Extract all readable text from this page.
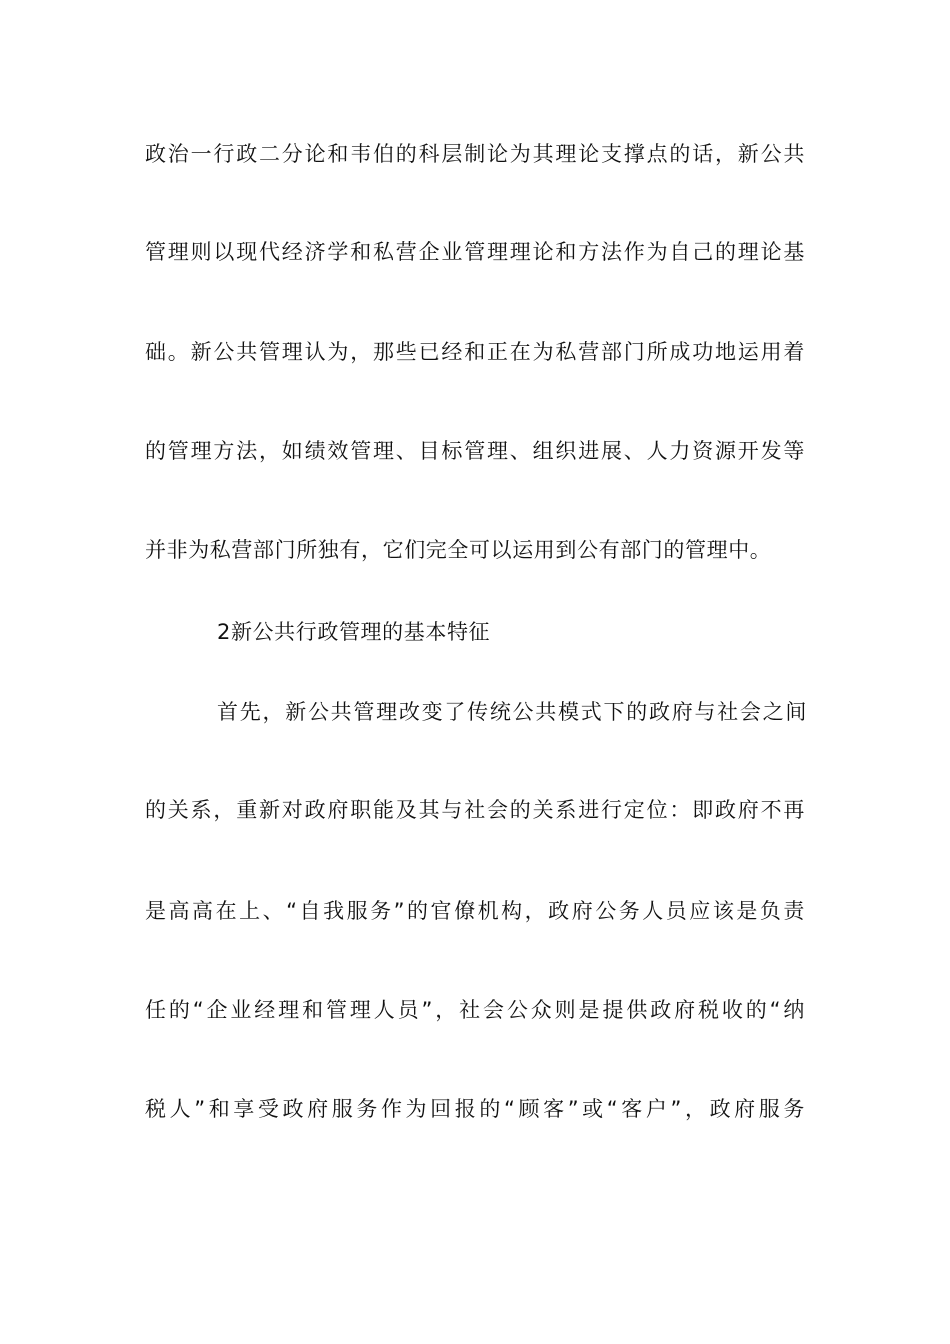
政治一行政二分论和韦伯的科层制论为其理论支撑点的话，新公共
管理则以现代经济学和私营企业管理理论和方法作为自己的理论基
础。新公共管理认为，那些已经和正在为私营部门所成功地运用着
的管理方法，如绩效管理、目标管理、组织进展、人力资源开发等
并非为私营部门所独有，它们完全可以运用到公有部门的管理中。
2新公共行政管理的基本特征
首先，新公共管理改变了传统公共模式下的政府与社会之间
的关系，重新对政府职能及其与社会的关系进行定位：即政府不再
是高高在上、“自我服务”的官僚机构，政府公务人员应该是负责
任的“企业经理和管理人员”，社会公众则是提供政府税收的“纳
税人”和享受政府服务作为回报的“顾客”或“客户”，政府服务
